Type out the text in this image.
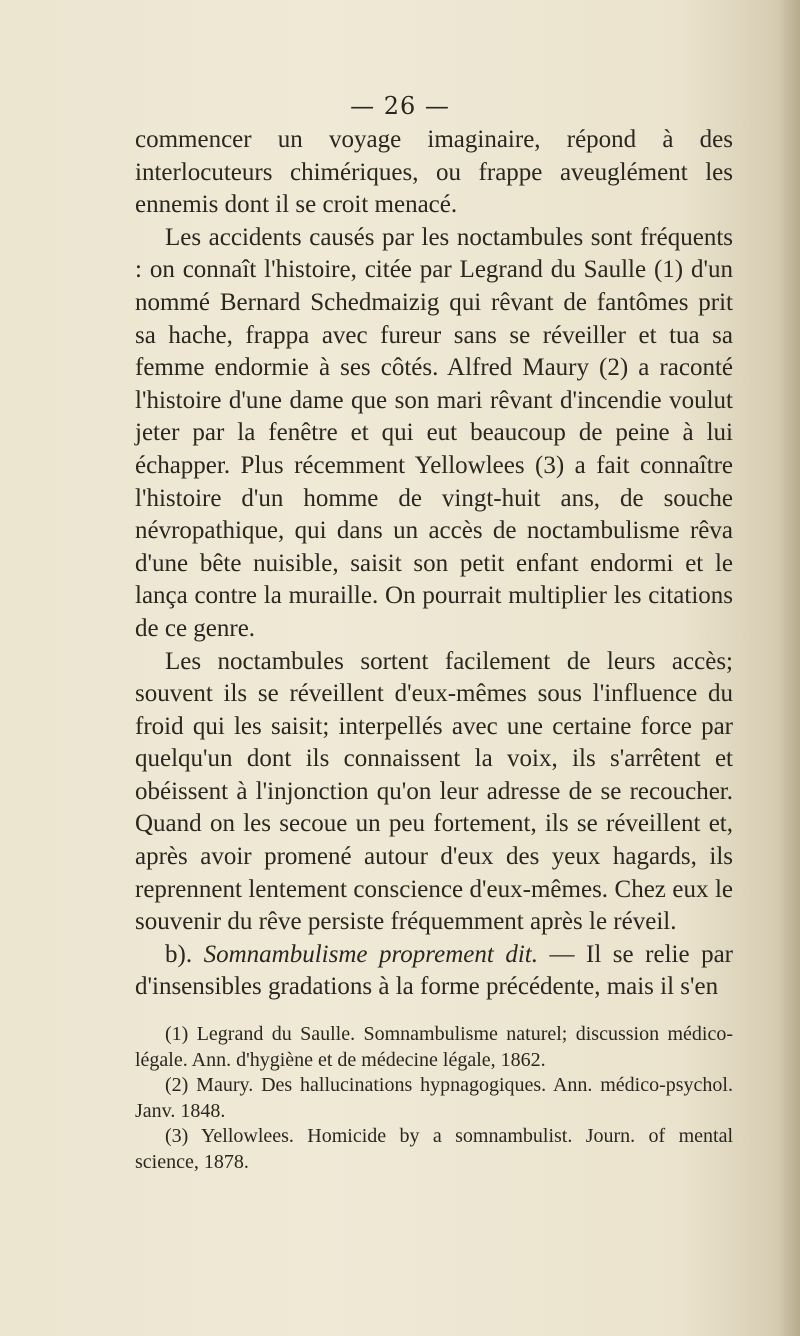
— 26 —

commencer un voyage imaginaire, répond à des interlocuteurs chimériques, ou frappe aveuglément les ennemis dont il se croit menacé.

Les accidents causés par les noctambules sont fréquents : on connaît l'histoire, citée par Legrand du Saulle (1) d'un nommé Bernard Schedmaizig qui rêvant de fantômes prit sa hache, frappa avec fureur sans se réveiller et tua sa femme endormie à ses côtés. Alfred Maury (2) a raconté l'histoire d'une dame que son mari rêvant d'incendie voulut jeter par la fenêtre et qui eut beaucoup de peine à lui échapper. Plus récemment Yellowlees (3) a fait connaître l'histoire d'un homme de vingt-huit ans, de souche névropathique, qui dans un accès de noctambulisme rêva d'une bête nuisible, saisit son petit enfant endormi et le lança contre la muraille. On pourrait multiplier les citations de ce genre.

Les noctambules sortent facilement de leurs accès; souvent ils se réveillent d'eux-mêmes sous l'influence du froid qui les saisit; interpellés avec une certaine force par quelqu'un dont ils connaissent la voix, ils s'arrêtent et obéissent à l'injonction qu'on leur adresse de se recoucher. Quand on les secoue un peu fortement, ils se réveillent et, après avoir promené autour d'eux des yeux hagards, ils reprennent lentement conscience d'eux-mêmes. Chez eux le souvenir du rêve persiste fréquemment après le réveil.

b). Somnambulisme proprement dit. — Il se relie par d'insensibles gradations à la forme précédente, mais il s'en

(1) Legrand du Saulle. Somnambulisme naturel; discussion médico-légale. Ann. d'hygiène et de médecine légale, 1862.

(2) Maury. Des hallucinations hypnagogiques. Ann. médico-psychol. Janv. 1848.

(3) Yellowlees. Homicide by a somnambulist. Journ. of mental science, 1878.
